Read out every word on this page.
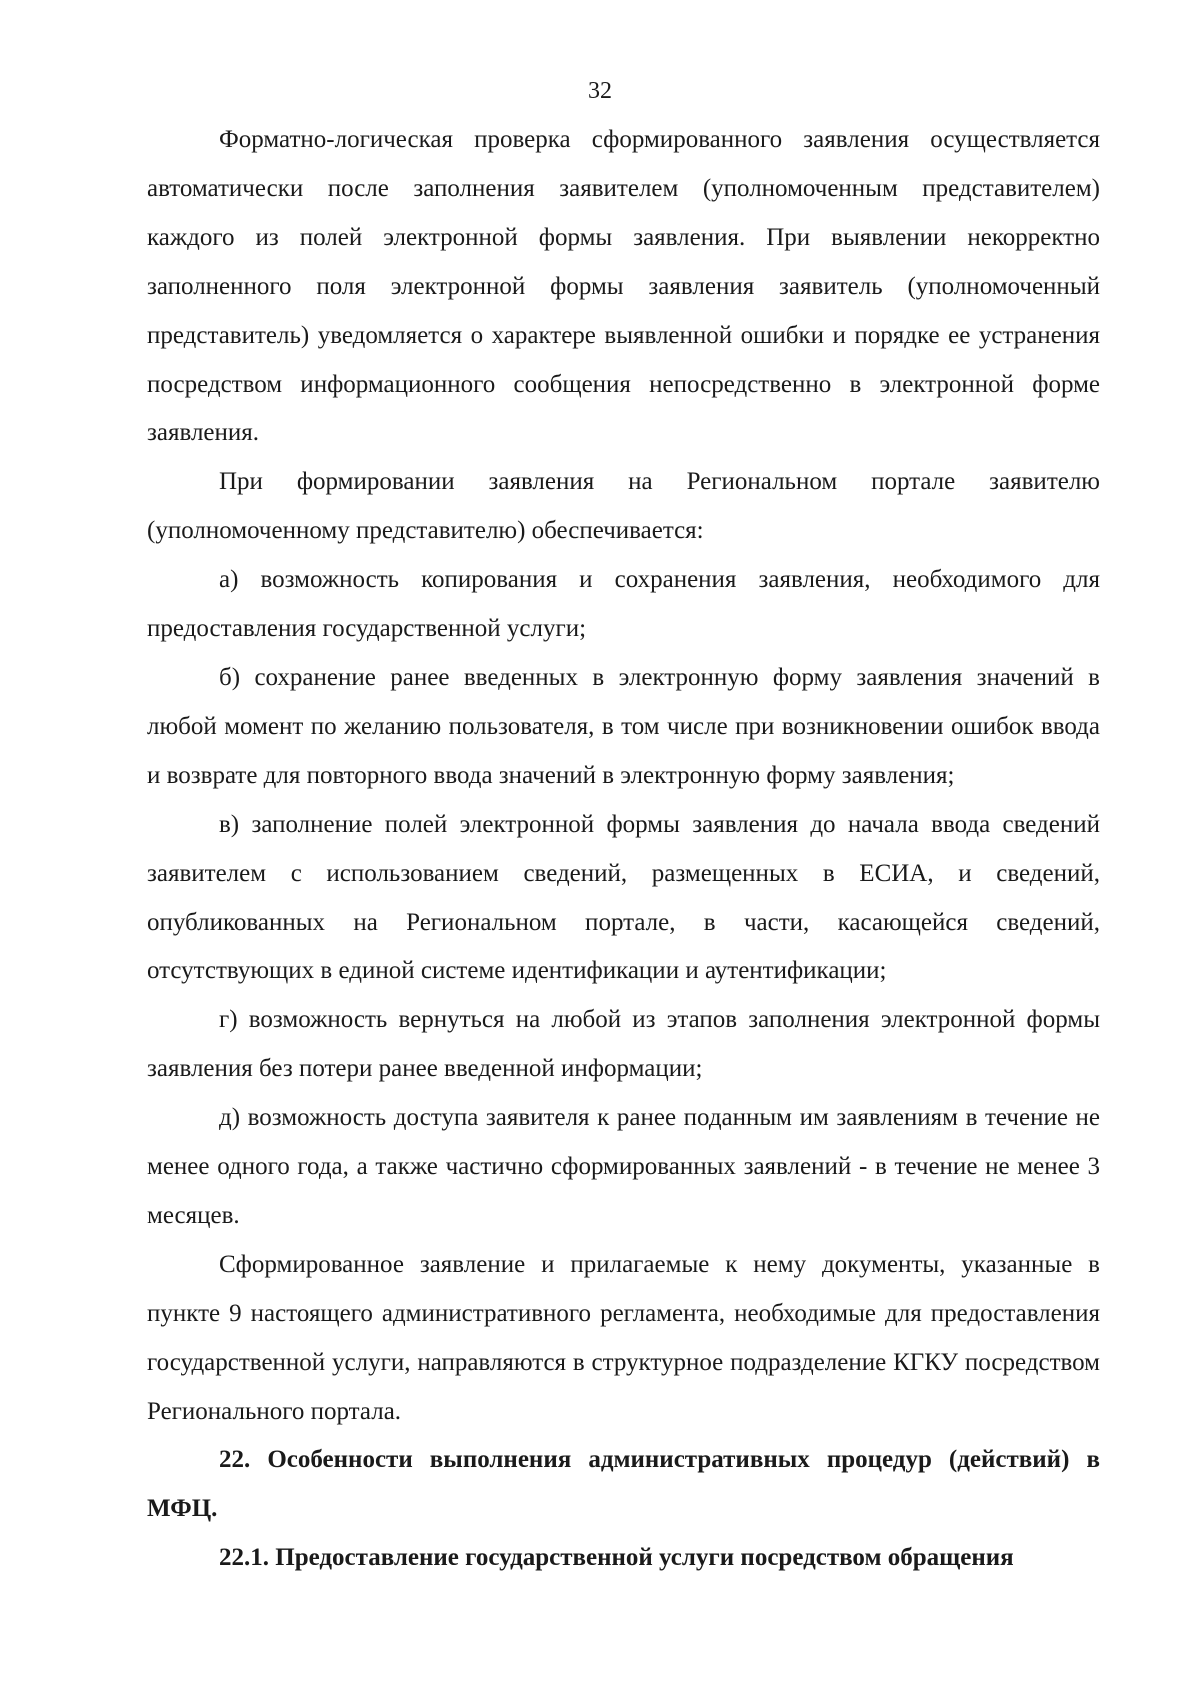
32

Форматно-логическая проверка сформированного заявления осуществляется автоматически после заполнения заявителем (уполномоченным представителем) каждого из полей электронной формы заявления. При выявлении некорректно заполненного поля электронной формы заявления заявитель (уполномоченный представитель) уведомляется о характере выявленной ошибки и порядке ее устранения посредством информационного сообщения непосредственно в электронной форме заявления.

При формировании заявления на Региональном портале заявителю (уполномоченному представителю) обеспечивается:

а) возможность копирования и сохранения заявления, необходимого для предоставления государственной услуги;

б) сохранение ранее введенных в электронную форму заявления значений в любой момент по желанию пользователя, в том числе при возникновении ошибок ввода и возврате для повторного ввода значений в электронную форму заявления;

в) заполнение полей электронной формы заявления до начала ввода сведений заявителем с использованием сведений, размещенных в ЕСИА, и сведений, опубликованных на Региональном портале, в части, касающейся сведений, отсутствующих в единой системе идентификации и аутентификации;

г) возможность вернуться на любой из этапов заполнения электронной формы заявления без потери ранее введенной информации;

д) возможность доступа заявителя к ранее поданным им заявлениям в течение не менее одного года, а также частично сформированных заявлений - в течение не менее 3 месяцев.

Сформированное заявление и прилагаемые к нему документы, указанные в пункте 9 настоящего административного регламента, необходимые для предоставления государственной услуги, направляются в структурное подразделение КГКУ посредством Регионального портала.

22. Особенности выполнения административных процедур (действий) в МФЦ.

22.1. Предоставление государственной услуги посредством обращения
